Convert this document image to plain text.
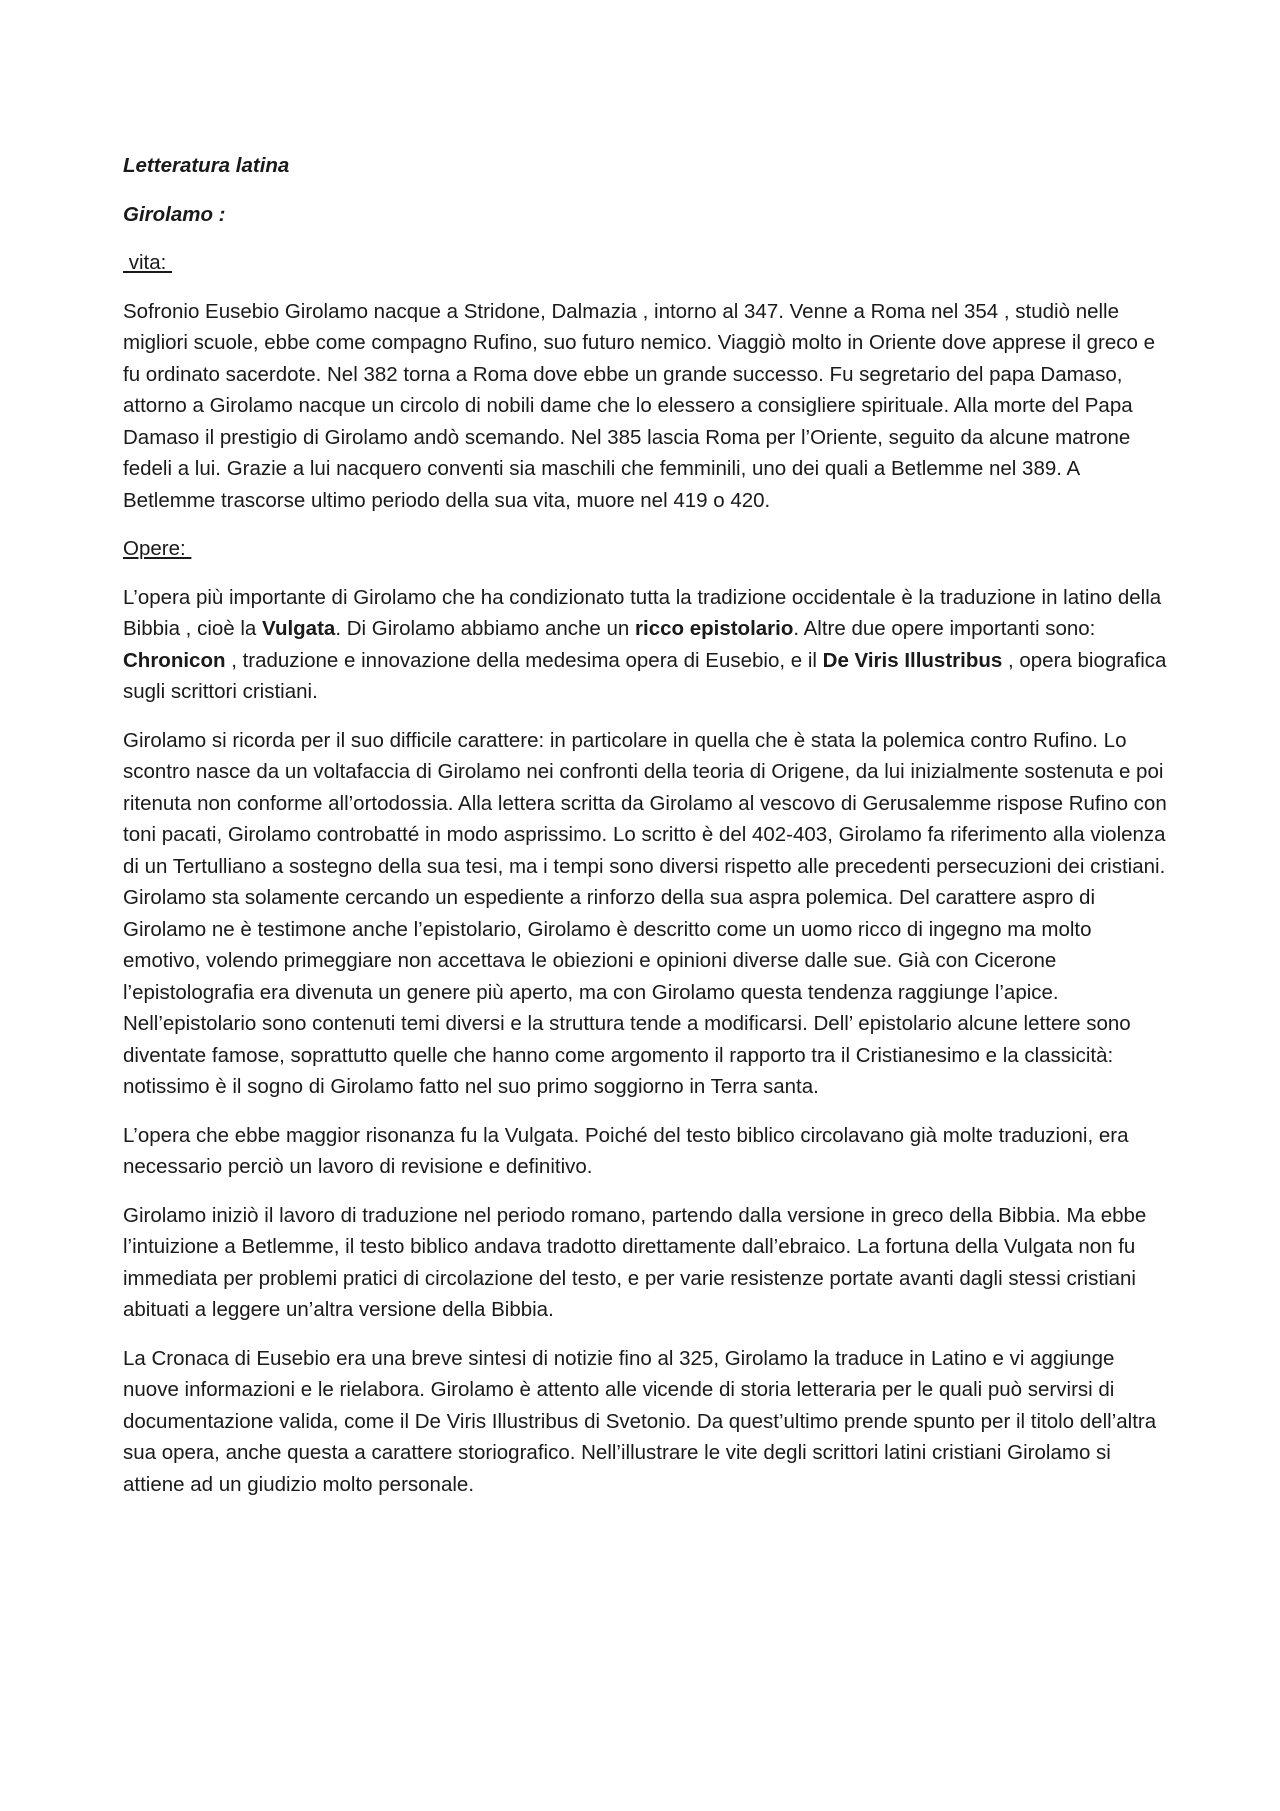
Letteratura latina
Girolamo :
vita:
Sofronio Eusebio Girolamo nacque a Stridone, Dalmazia , intorno al 347. Venne a Roma nel 354 , studiò nelle migliori scuole, ebbe come compagno Rufino, suo futuro nemico. Viaggiò molto in Oriente dove apprese il greco e fu ordinato sacerdote. Nel 382 torna a Roma dove ebbe un grande successo. Fu segretario del papa Damaso, attorno a Girolamo nacque un circolo di nobili dame che lo elessero a consigliere spirituale. Alla morte del Papa Damaso il prestigio di Girolamo andò scemando. Nel 385 lascia Roma per l’Oriente, seguito da alcune matrone fedeli a lui. Grazie a lui nacquero conventi sia maschili che femminili, uno dei quali a Betlemme nel 389. A Betlemme trascorse ultimo periodo della sua vita, muore nel 419 o 420.
Opere:
L’opera più importante di Girolamo che ha condizionato tutta la tradizione occidentale è la traduzione in latino della Bibbia , cioè la Vulgata. Di Girolamo abbiamo anche un ricco epistolario. Altre due opere importanti sono: Chronicon , traduzione e innovazione della medesima opera di Eusebio, e il De Viris Illustribus , opera biografica sugli scrittori cristiani.
Girolamo si ricorda per il suo difficile carattere: in particolare in quella che è stata la polemica contro Rufino. Lo scontro nasce da un voltafaccia di Girolamo nei confronti della teoria di Origene, da lui inizialmente sostenuta e poi ritenuta non conforme all’ortodossia. Alla lettera scritta da Girolamo al vescovo di Gerusalemme rispose Rufino con toni pacati, Girolamo controbatté in modo asprissimo. Lo scritto è del 402-403, Girolamo fa riferimento alla violenza di un Tertulliano a sostegno della sua tesi, ma i tempi sono diversi rispetto alle precedenti persecuzioni dei cristiani. Girolamo sta solamente cercando un espediente a rinforzo della sua aspra polemica. Del carattere aspro di Girolamo ne è testimone anche l’epistolario, Girolamo è descritto come un uomo ricco di ingegno ma molto emotivo, volendo primeggiare non accettava le obiezioni e opinioni diverse dalle sue. Già con Cicerone l’epistolografia era divenuta un genere più aperto, ma con Girolamo questa tendenza raggiunge l’apice. Nell’epistolario sono contenuti temi diversi e la struttura tende a modificarsi. Dell’ epistolario alcune lettere sono diventate famose, soprattutto quelle che hanno come argomento il rapporto tra il Cristianesimo e la classicità: notissimo è il sogno di Girolamo fatto nel suo primo soggiorno in Terra santa.
L’opera che ebbe maggior risonanza fu la Vulgata. Poiché del testo biblico circolavano già molte traduzioni, era necessario perciò un lavoro di revisione e definitivo.
Girolamo iniziò il lavoro di traduzione nel periodo romano, partendo dalla versione in greco della Bibbia. Ma ebbe l’intuizione a Betlemme, il testo biblico andava tradotto direttamente dall’ebraico. La fortuna della Vulgata non fu immediata per problemi pratici di circolazione del testo, e per varie resistenze portate avanti dagli stessi cristiani abituati a leggere un’altra versione della Bibbia.
La Cronaca di Eusebio era una breve sintesi di notizie fino al 325, Girolamo la traduce in Latino e vi aggiunge nuove informazioni e le rielabora. Girolamo è attento alle vicende di storia letteraria per le quali può servirsi di documentazione valida, come il De Viris Illustribus di Svetonio. Da quest’ultimo prende spunto per il titolo dell’altra sua opera, anche questa a carattere storiografico. Nell’illustrare le vite degli scrittori latini cristiani Girolamo si attiene ad un giudizio molto personale.
